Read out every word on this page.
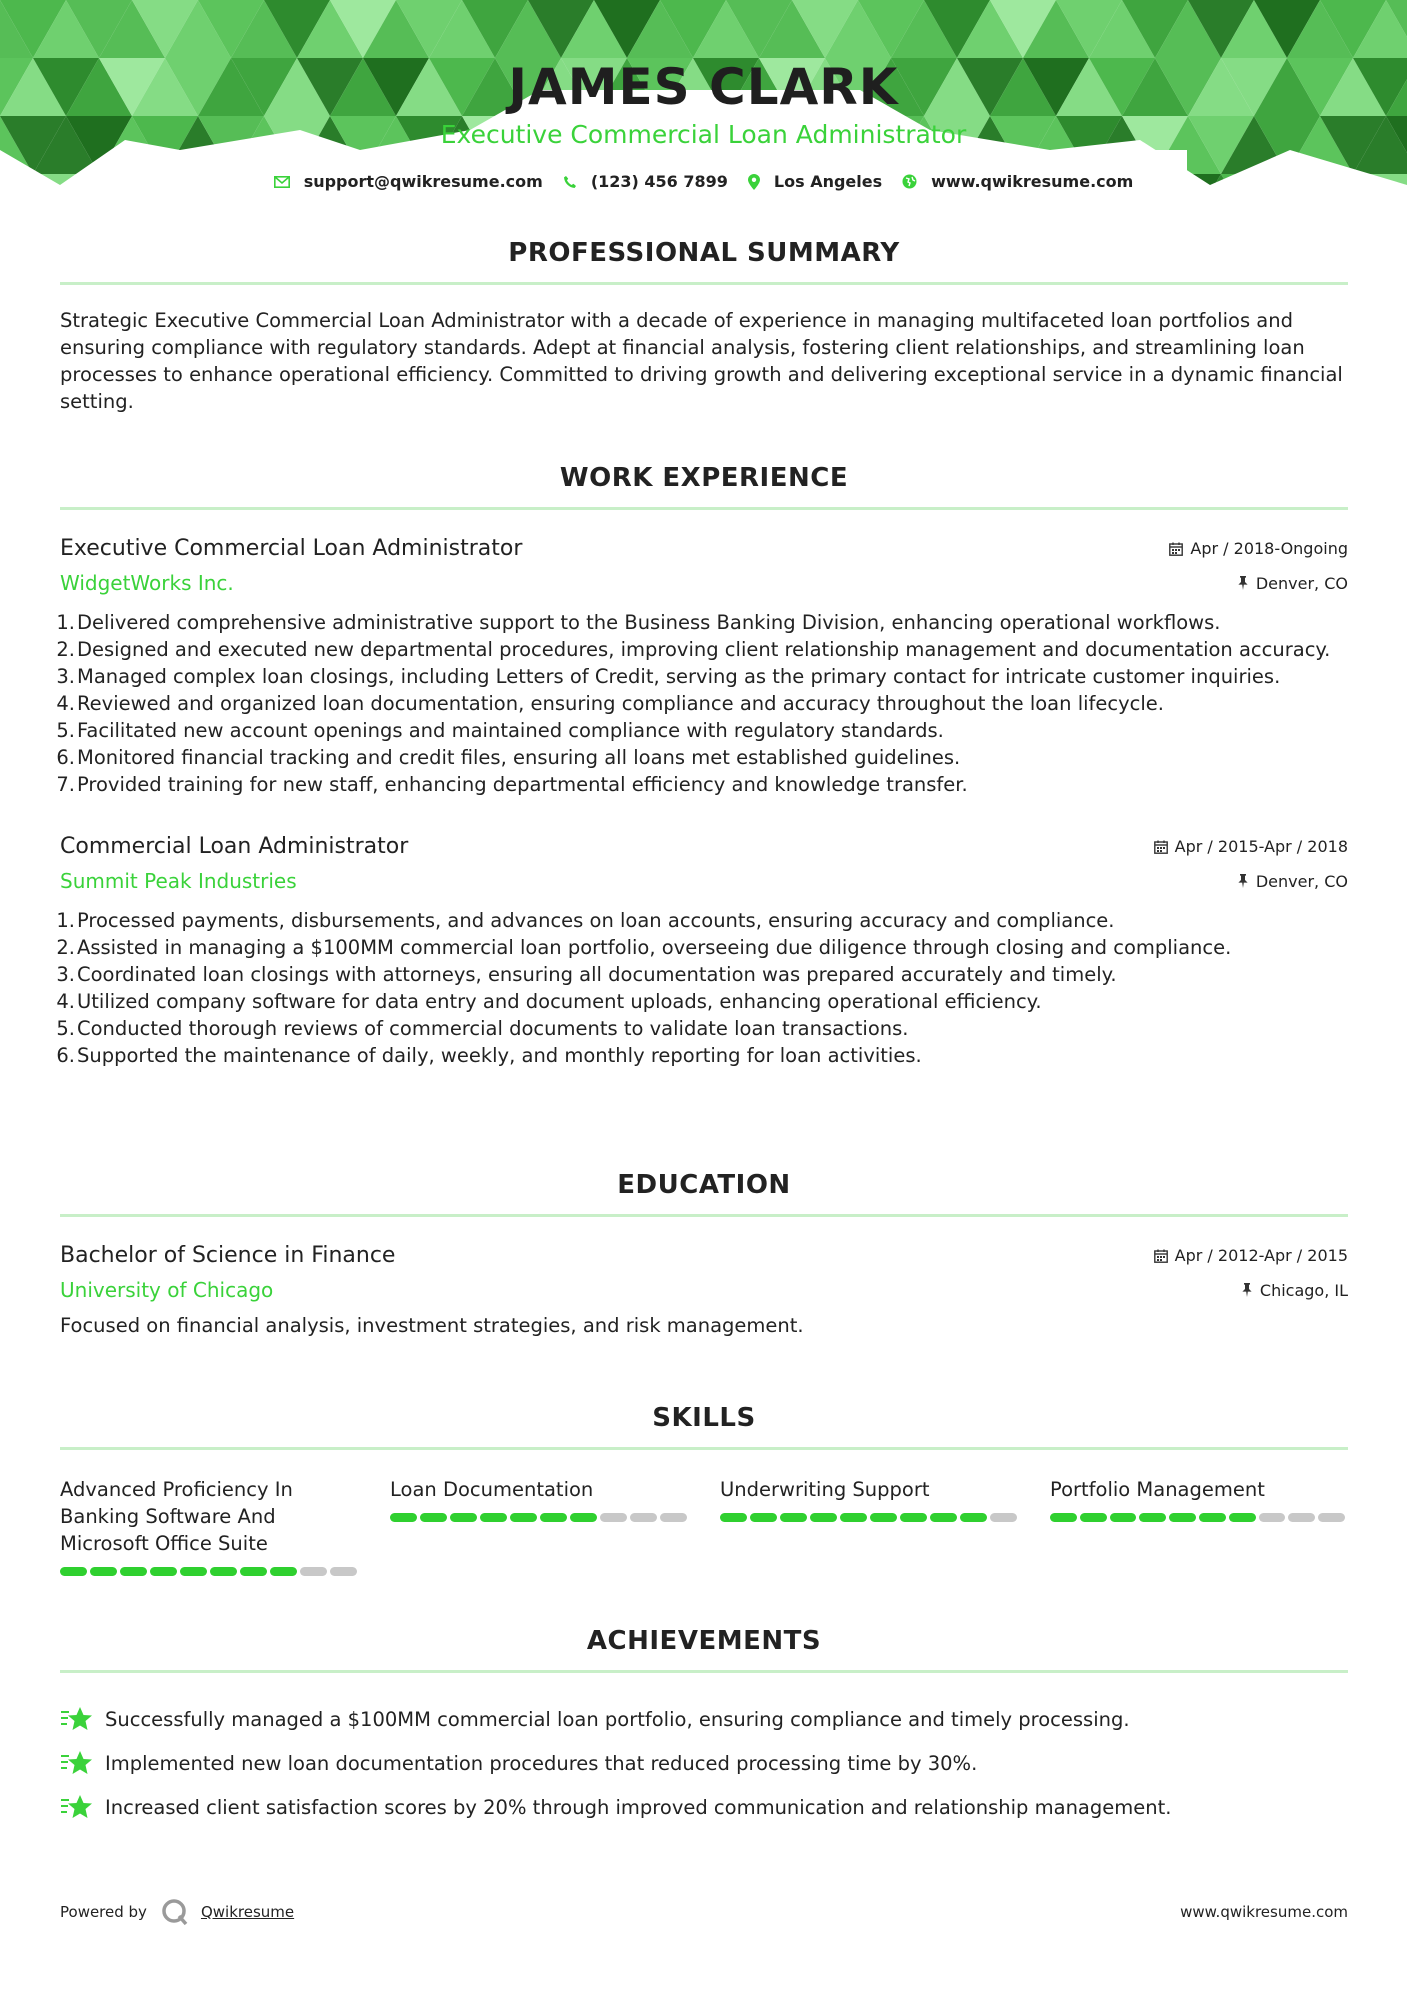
JAMES CLARK
Executive Commercial Loan Administrator
support@qwikresume.com	(123) 456 7899	Los Angeles	www.qwikresume.com
PROFESSIONAL SUMMARY

Strategic Executive Commercial Loan Administrator with a decade of experience in managing multifaceted loan portfolios and ensuring compliance with regulatory standards. Adept at financial analysis, fostering client relationships, and streamlining loan processes to enhance operational efficiency. Committed to driving growth and delivering exceptional service in a dynamic financial setting.

WORK EXPERIENCE
Executive Commercial Loan Administrator	Apr / 2018-Ongoing
WidgetWorks Inc.	Denver, CO
Delivered comprehensive administrative support to the Business Banking Division, enhancing operational workflows.
Designed and executed new departmental procedures, improving client relationship management and documentation accuracy.
Managed complex loan closings, including Letters of Credit, serving as the primary contact for intricate customer inquiries.
Reviewed and organized loan documentation, ensuring compliance and accuracy throughout the loan lifecycle.
Facilitated new account openings and maintained compliance with regulatory standards.
Monitored financial tracking and credit files, ensuring all loans met established guidelines.
Provided training for new staff, enhancing departmental efficiency and knowledge transfer.
Commercial Loan Administrator	Apr / 2015-Apr / 2018
Summit Peak Industries	Denver, CO
Processed payments, disbursements, and advances on loan accounts, ensuring accuracy and compliance.
Assisted in managing a $100MM commercial loan portfolio, overseeing due diligence through closing and compliance.
Coordinated loan closings with attorneys, ensuring all documentation was prepared accurately and timely.
Utilized company software for data entry and document uploads, enhancing operational efficiency.
Conducted thorough reviews of commercial documents to validate loan transactions.
Supported the maintenance of daily, weekly, and monthly reporting for loan activities.
EDUCATION
Bachelor of Science in Finance	Apr / 2012-Apr / 2015
University of Chicago	Chicago, IL

Focused on financial analysis, investment strategies, and risk management.

SKILLS
Advanced Proficiency In Banking Software And Microsoft Office Suite
Loan Documentation	Underwriting Support	Portfolio Management
ACHIEVEMENTS
Successfully managed a $100MM commercial loan portfolio, ensuring compliance and timely processing.
Implemented new loan documentation procedures that reduced processing time by 30%.
Increased client satisfaction scores by 20% through improved communication and relationship management.
Powered by	Qwikresume	www.qwikresume.com
